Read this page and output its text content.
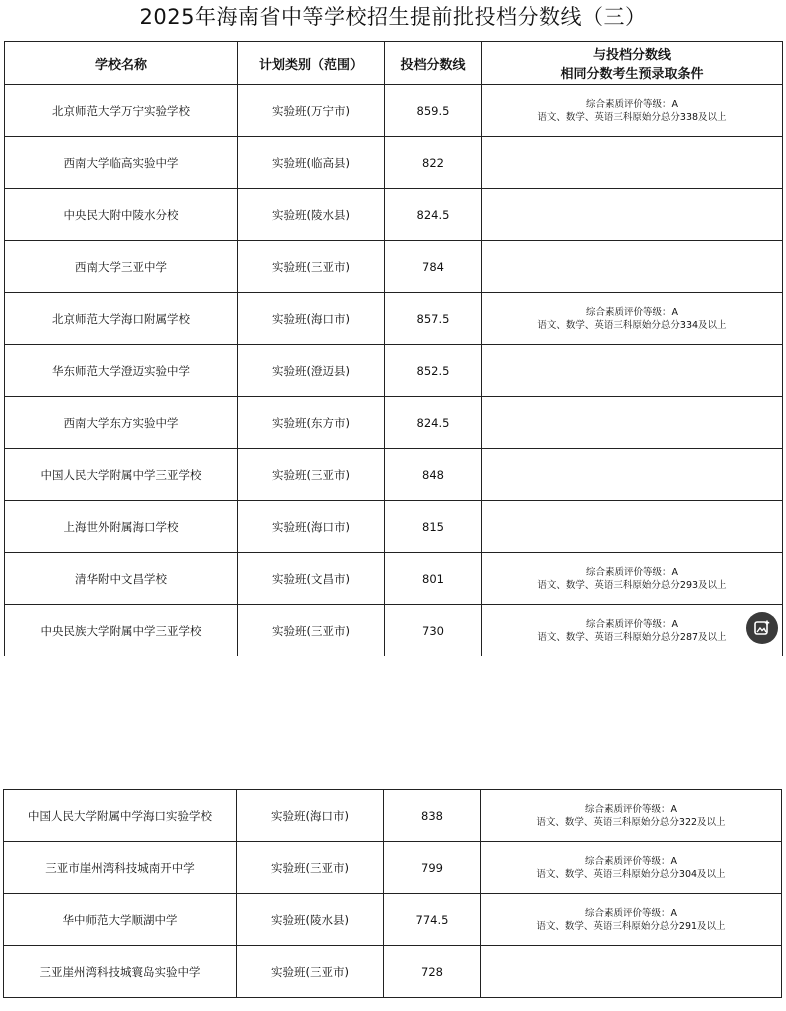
2025年海南省中等学校招生提前批投档分数线（三）
学校名称	计划类别（范围）	投档分数线	与投档分数线
相同分数考生预录取条件

北京师范大学万宁实验学校	实验班(万宁市)	859.5	综合素质评价等级：A
语文、数学、英语三科原始分总分338及以上

西南大学临高实验中学	实验班(临高县)	822	

中央民大附中陵水分校	实验班(陵水县)	824.5	

西南大学三亚中学	实验班(三亚市)	784	

北京师范大学海口附属学校	实验班(海口市)	857.5	综合素质评价等级：A
语文、数学、英语三科原始分总分334及以上

华东师范大学澄迈实验中学	实验班(澄迈县)	852.5	

西南大学东方实验中学	实验班(东方市)	824.5	

中国人民大学附属中学三亚学校	实验班(三亚市)	848	

上海世外附属海口学校	实验班(海口市)	815	

清华附中文昌学校	实验班(文昌市)	801	综合素质评价等级：A
语文、数学、英语三科原始分总分293及以上

中央民族大学附属中学三亚学校	实验班(三亚市)	730	综合素质评价等级：A
语文、数学、英语三科原始分总分287及以上
中国人民大学附属中学海口实验学校	实验班(海口市)	838	综合素质评价等级：A
语文、数学、英语三科原始分总分322及以上

三亚市崖州湾科技城南开中学	实验班(三亚市)	799	综合素质评价等级：A
语文、数学、英语三科原始分总分304及以上

华中师范大学顺湖中学	实验班(陵水县)	774.5	综合素质评价等级：A
语文、数学、英语三科原始分总分291及以上

三亚崖州湾科技城寰岛实验中学	实验班(三亚市)	728	
